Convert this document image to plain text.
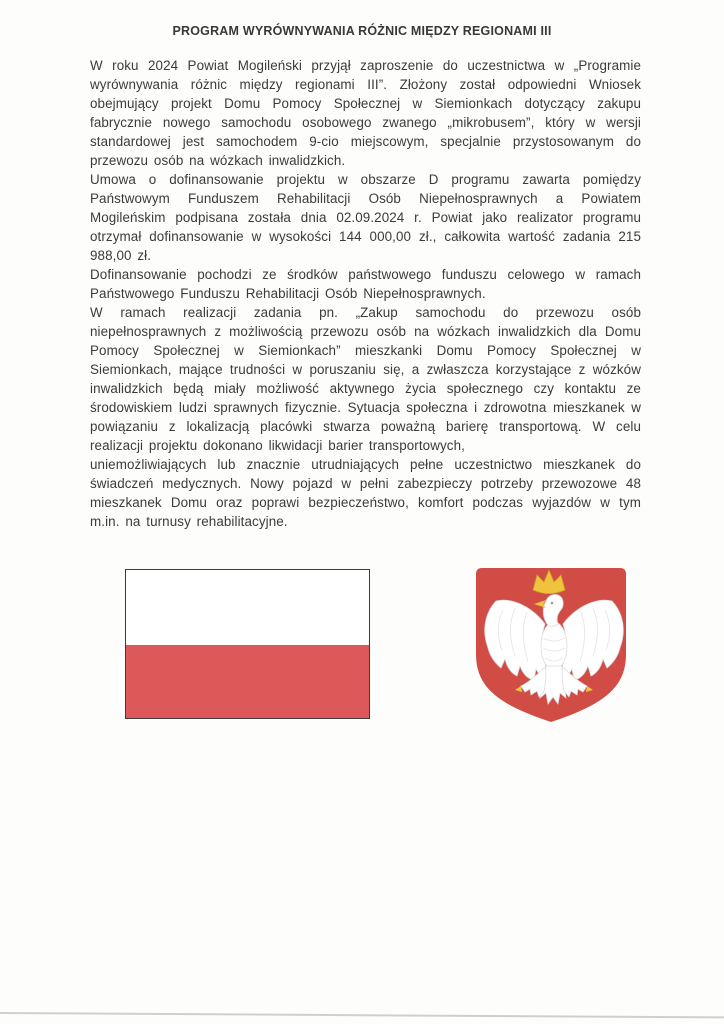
PROGRAM WYRÓWNYWANIA RÓŻNIC MIĘDZY REGIONAMI III

W roku 2024 Powiat Mogileński przyjął zaproszenie do uczestnictwa w „Programie wyrównywania różnic między regionami III”. Złożony został odpowiedni Wniosek obejmujący projekt Domu Pomocy Społecznej w Siemionkach dotyczący zakupu fabrycznie nowego samochodu osobowego zwanego „mikrobusem”, który w wersji standardowej jest samochodem 9-cio miejscowym, specjalnie przystosowanym do przewozu osób na wózkach inwalidzkich.

Umowa o dofinansowanie projektu w obszarze D programu zawarta pomiędzy Państwowym Funduszem Rehabilitacji Osób Niepełnosprawnych a Powiatem Mogileńskim podpisana została dnia 02.09.2024 r. Powiat jako realizator programu otrzymał dofinansowanie w wysokości 144 000,00 zł., całkowita wartość zadania 215 988,00 zł.

Dofinansowanie pochodzi ze środków państwowego funduszu celowego w ramach Państwowego Funduszu Rehabilitacji Osób Niepełnosprawnych.

W ramach realizacji zadania pn. „Zakup samochodu do przewozu osób niepełnosprawnych z możliwością przewozu osób na wózkach inwalidzkich dla Domu Pomocy Społecznej w Siemionkach” mieszkanki Domu Pomocy Społecznej w Siemionkach, mające trudności w poruszaniu się, a zwłaszcza korzystające z wózków inwalidzkich będą miały możliwość aktywnego życia społecznego czy kontaktu ze środowiskiem ludzi sprawnych fizycznie. Sytuacja społeczna i zdrowotna mieszkanek w powiązaniu z lokalizacją placówki stwarza poważną barierę transportową. W celu realizacji projektu dokonano likwidacji barier transportowych,

uniemożliwiających lub znacznie utrudniających pełne uczestnictwo mieszkanek do świadczeń medycznych. Nowy pojazd w pełni zabezpieczy potrzeby przewozowe 48 mieszkanek Domu oraz poprawi bezpieczeństwo, komfort podczas wyjazdów w tym m.in. na turnusy rehabilitacyjne.
